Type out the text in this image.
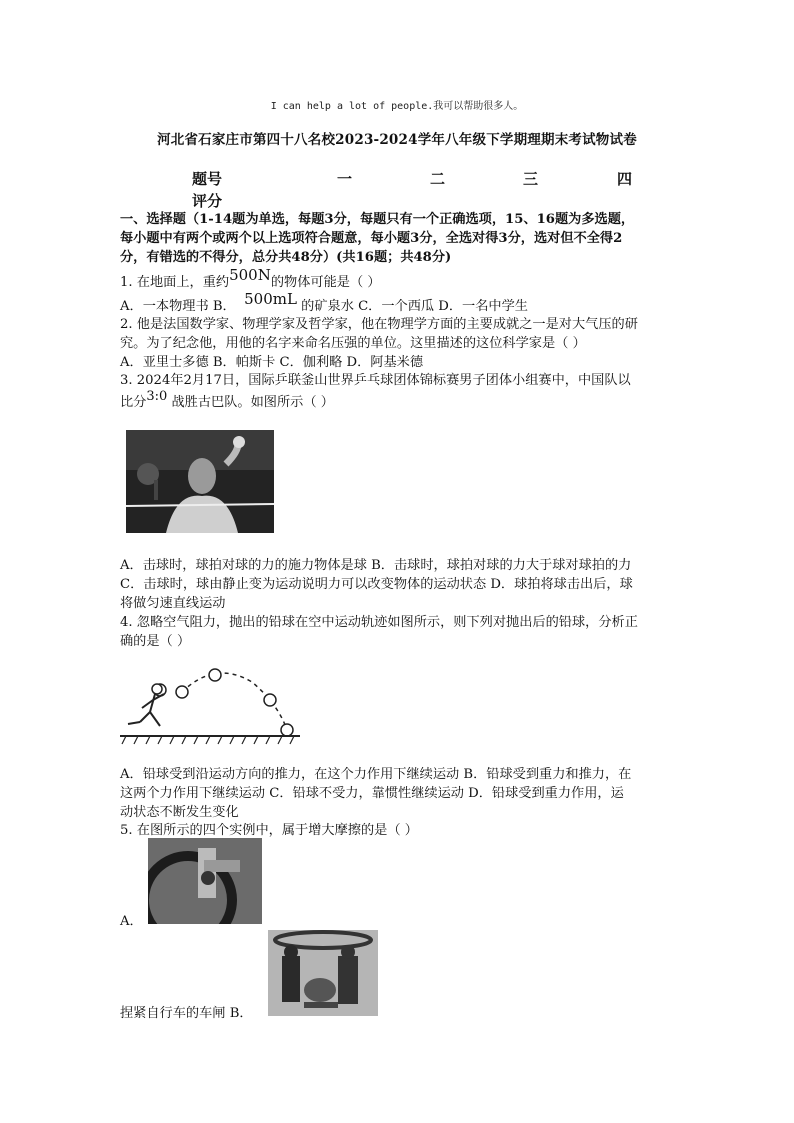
I can help a lot of people.我可以帮助很多人。
河北省石家庄市第四十八名校2023-2024学年八年级下学期理期末考试物试卷
题号	一	二	三	四
评分
一、选择题（1-14题为单选，每题3分，每题只有一个正确选项，15、16题为多选题，
每小题中有两个或两个以上选项符合题意，每小题3分，全选对得3分，选对但不全得2
分，有错选的不得分，总分共48分）(共16题；共48分)
1. 在地面上，重约500N的物体可能是（ ）
A．一本物理书 B． 500mL 的矿泉水 C．一个西瓜 D．一名中学生
2. 他是法国数学家、物理学家及哲学家，他在物理学方面的主要成就之一是对大气压的研
究。为了纪念他，用他的名字来命名压强的单位。这里描述的这位科学家是（ ）
A．亚里士多德 B．帕斯卡 C．伽利略 D．阿基米德
3. 2024年2月17日，国际乒联釜山世界乒乓球团体锦标赛男子团体小组赛中，中国队以
比分3:0 战胜古巴队。如图所示（ ）
A．击球时，球拍对球的力的施力物体是球 B．击球时，球拍对球的力大于球对球拍的力
C．击球时，球由静止变为运动说明力可以改变物体的运动状态 D．球拍将球击出后，球
将做匀速直线运动
4. 忽略空气阻力，抛出的铅球在空中运动轨迹如图所示，则下列对抛出后的铅球，分析正
确的是（ ）
A．铅球受到沿运动方向的推力，在这个力作用下继续运动 B．铅球受到重力和推力，在
这两个力作用下继续运动 C．铅球不受力，靠惯性继续运动 D．铅球受到重力作用，运
动状态不断发生变化
5. 在图所示的四个实例中，属于增大摩擦的是（ ）
A．
捏紧自行车的车闸 B．
